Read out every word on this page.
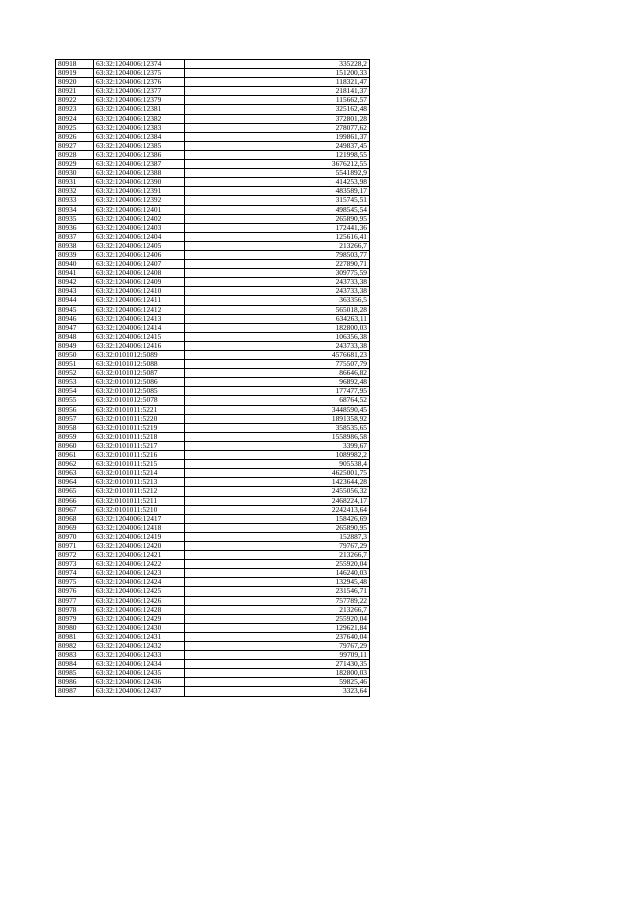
80918	63:32:1204006:12374	335228,2
80919	63:32:1204006:12375	151200,33
80920	63:32:1204006:12376	118321,47
80921	63:32:1204006:12377	218141,37
80922	63:32:1204006:12379	115662,57
80923	63:32:1204006:12381	325162,48
80924	63:32:1204006:12382	372801,28
80925	63:32:1204006:12383	278077,62
80926	63:32:1204006:12384	199861,37
80927	63:32:1204006:12385	249837,45
80928	63:32:1204006:12386	121998,55
80929	63:32:1204006:12387	3676212,55
80930	63:32:1204006:12388	5541892,9
80931	63:32:1204006:12390	414253,98
80932	63:32:1204006:12391	483589,17
80933	63:32:1204006:12392	315745,51
80934	63:32:1204006:12401	498545,54
80935	63:32:1204006:12402	265890,95
80936	63:32:1204006:12403	172441,36
80937	63:32:1204006:12404	125616,41
80938	63:32:1204006:12405	213266,7
80939	63:32:1204006:12406	798503,77
80940	63:32:1204006:12407	227890,71
80941	63:32:1204006:12408	309775,59
80942	63:32:1204006:12409	243733,38
80943	63:32:1204006:12410	243733,38
80944	63:32:1204006:12411	363356,5
80945	63:32:1204006:12412	565018,28
80946	63:32:1204006:12413	634263,11
80947	63:32:1204006:12414	182800,03
80948	63:32:1204006:12415	106356,38
80949	63:32:1204006:12416	243733,38
80950	63:32:0101012:5089	4576681,23
80951	63:32:0101012:5088	775507,79
80952	63:32:0101012:5087	86646,82
80953	63:32:0101012:5086	96892,48
80954	63:32:0101012:5085	177477,95
80955	63:32:0101012:5078	68764,52
80956	63:32:0101011:5221	3448590,45
80957	63:32:0101011:5220	1891358,92
80958	63:32:0101011:5219	358535,65
80959	63:32:0101011:5218	1558986,58
80960	63:32:0101011:5217	3399,67
80961	63:32:0101011:5216	1089982,2
80962	63:32:0101011:5215	905538,4
80963	63:32:0101011:5214	4625001,75
80964	63:32:0101011:5213	1423644,28
80965	63:32:0101011:5212	2455056,32
80966	63:32:0101011:5211	2468224,17
80967	63:32:0101011:5210	2242413,64
80968	63:32:1204006:12417	158426,69
80969	63:32:1204006:12418	265890,95
80970	63:32:1204006:12419	152887,3
80971	63:32:1204006:12420	79767,29
80972	63:32:1204006:12421	213266,7
80973	63:32:1204006:12422	255920,04
80974	63:32:1204006:12423	146240,03
80975	63:32:1204006:12424	132945,48
80976	63:32:1204006:12425	231546,71
80977	63:32:1204006:12426	757789,22
80978	63:32:1204006:12428	213266,7
80979	63:32:1204006:12429	255920,04
80980	63:32:1204006:12430	129621,84
80981	63:32:1204006:12431	237640,04
80982	63:32:1204006:12432	79767,29
80983	63:32:1204006:12433	99709,11
80984	63:32:1204006:12434	271430,35
80985	63:32:1204006:12435	182800,03
80986	63:32:1204006:12436	59825,46
80987	63:32:1204006:12437	3323,64
